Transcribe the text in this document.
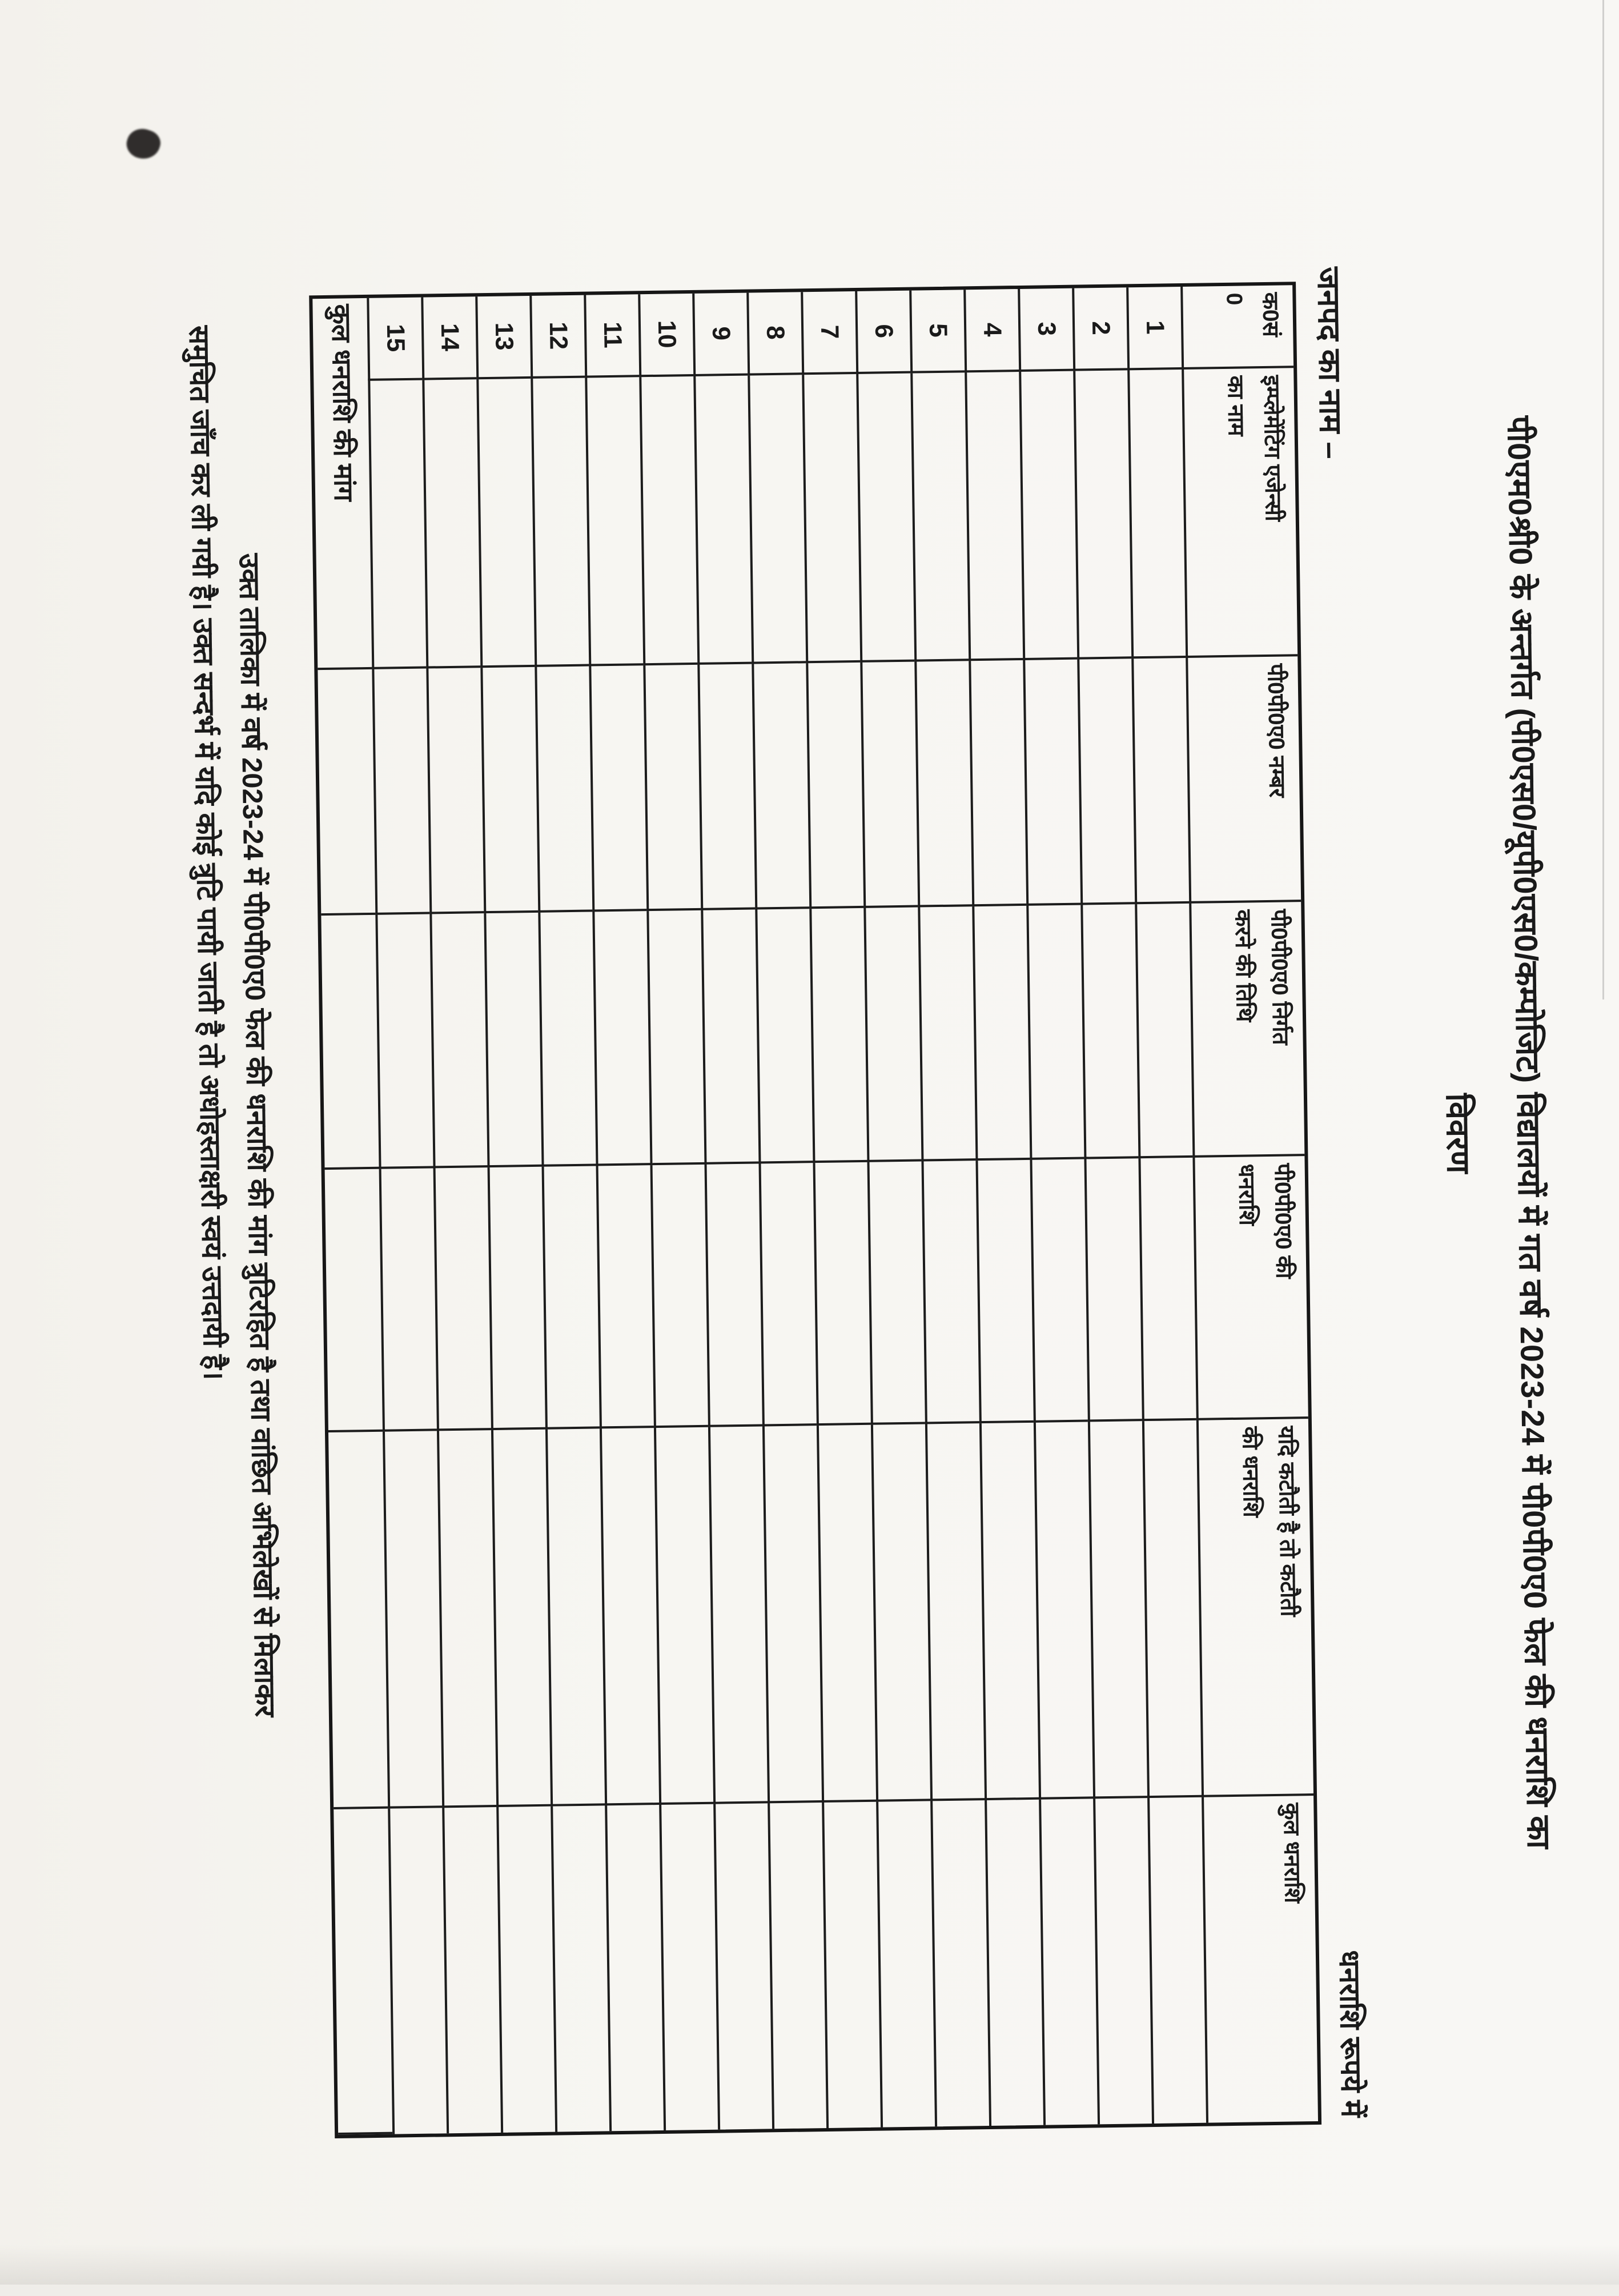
पी0एम0श्री0 के अन्तर्गत (पी0एस0/यूपी0एस0/कम्पोजिट) विद्यालयों में गत वर्ष 2023-24 में पी0पी0ए0 फेल की धनराशि का
विवरण
जनपद का नाम –
धनराशि रूपये में
क0सं
0
इम्प्लेमेंटिंग एजेन्सी
का नाम
पी0पी0ए0 नम्बर
पी0पी0ए0 निर्गत
करने की तिथि
पी0पी0ए0 की
धनराशि
यदि कटौती है तो कटौती
की धनराशि
कुल धनराशि
1
2
3
4
5
6
7
8
9
10
11
12
13
14
15
कुल धनराशि की मांग
उक्त तालिका में वर्ष 2023-24 में पी0पी0ए0 फेल की धनराशि की मांग त्रुटिरहित है तथा वांछित अभिलेखों से मिलाकर
समुचित जाँच कर ली गयी है। उक्त सन्दर्भ में यदि कोई त्रुटि पायी जाती है तो अधोहस्ताक्षरी स्वयं उत्तदायी है।
